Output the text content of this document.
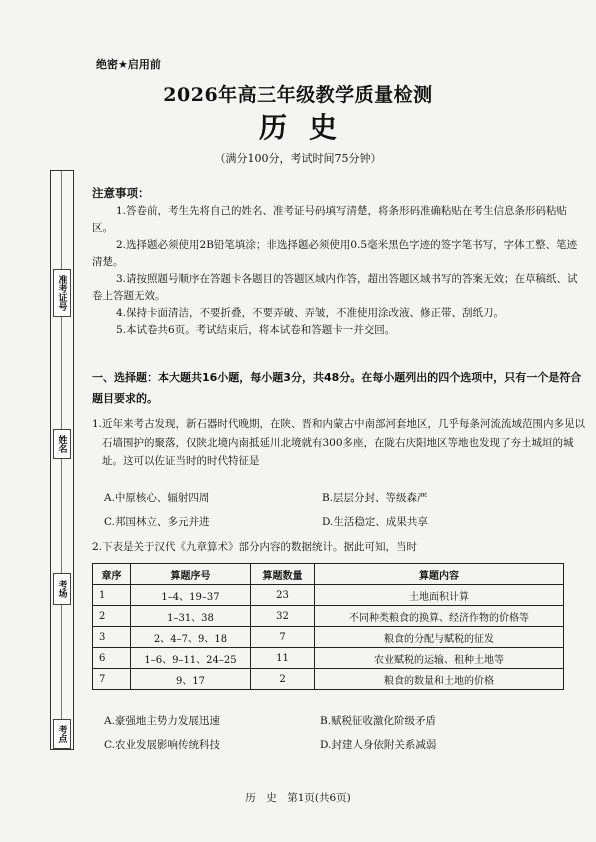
绝密★启用前
2026年高三年级教学质量检测
历史
（满分100分，考试时间75分钟）
准考证号
姓名
考场
考点
注意事项：
1.答卷前，考生先将自己的姓名、准考证号码填写清楚，将条形码准确粘贴在考生信息条形码粘贴区。
2.选择题必须使用2B铅笔填涂；非选择题必须使用0.5毫米黑色字迹的签字笔书写，字体工整、笔迹清楚。
3.请按照题号顺序在答题卡各题目的答题区域内作答，超出答题区域书写的答案无效；在草稿纸、试卷上答题无效。
4.保持卡面清洁，不要折叠，不要弄破、弄皱，不准使用涂改液、修正带、刮纸刀。
5.本试卷共6页。考试结束后，将本试卷和答题卡一并交回。
一、选择题：本大题共16小题，每小题3分，共48分。在每小题列出的四个选项中，只有一个是符合题目要求的。
1.近年来考古发现，新石器时代晚期，在陕、晋和内蒙古中南部河套地区，几乎每条河流流域范围内多见以石墙围护的聚落，仅陕北境内南抵延川北境就有300多座，在陇右庆阳地区等地也发现了夯土城垣的城址。这可以佐证当时的时代特征是
A.中原核心、辐射四周	B.层层分封、等级森严
C.邦国林立、多元并进	D.生活稳定、成果共享
2.下表是关于汉代《九章算术》部分内容的数据统计。据此可知，当时
章序	算题序号	算题数量	算题内容
1	1–4、19–37	23	土地面积计算
2	1–31、38	32	不同种类粮食的换算、经济作物的价格等
3	2、4–7、9、18	7	粮食的分配与赋税的征发
6	1–6、9–11、24–25	11	农业赋税的运输、租种土地等
7	9、17	2	粮食的数量和土地的价格
A.豪强地主势力发展迅速	B.赋税征收激化阶级矛盾
C.农业发展影响传统科技	D.封建人身依附关系减弱
历　史　第1页(共6页)
